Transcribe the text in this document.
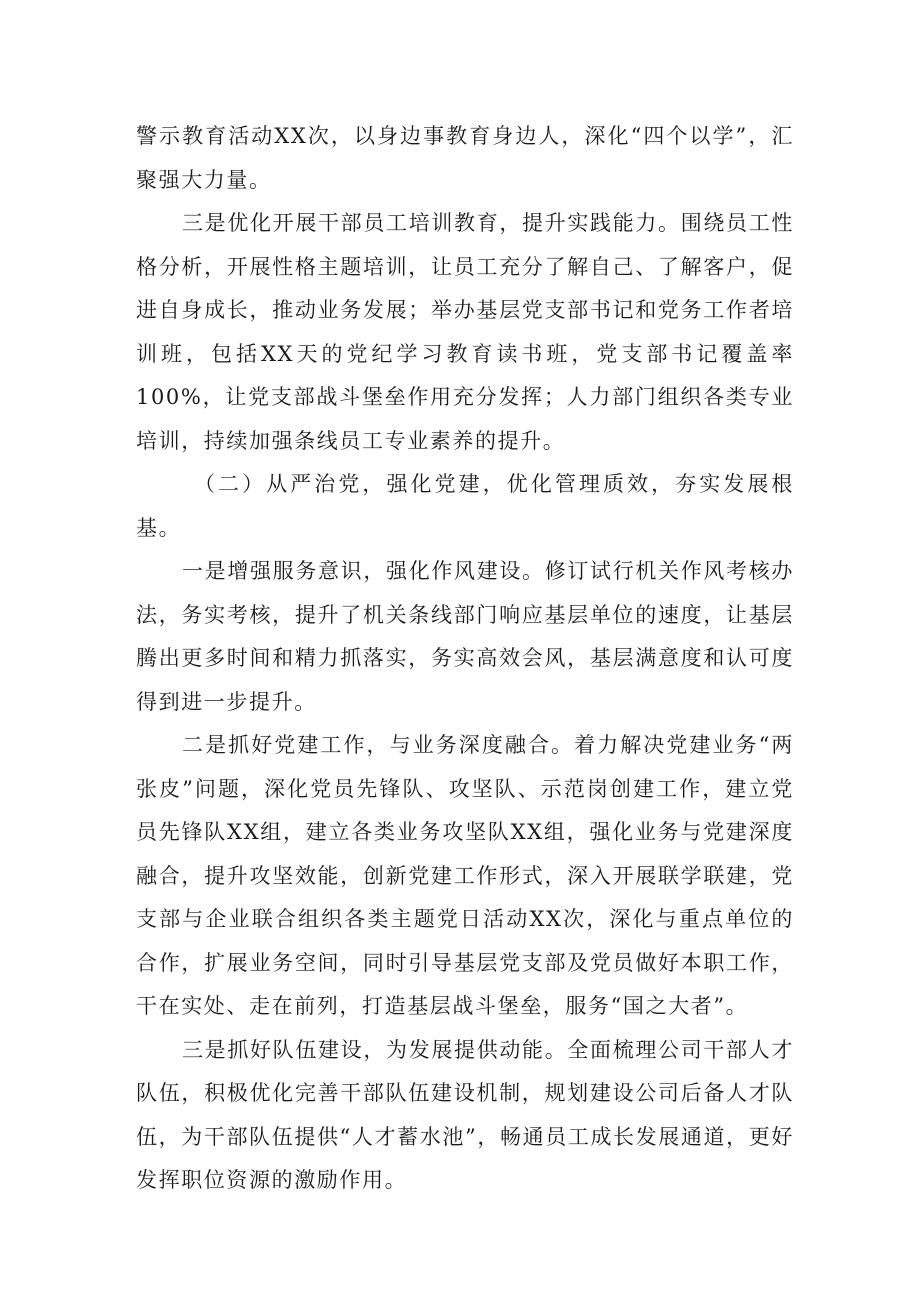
警示教育活动XX次，以身边事教育身边人，深化“四个以学”，汇聚强大力量。

三是优化开展干部员工培训教育，提升实践能力。围绕员工性格分析，开展性格主题培训，让员工充分了解自己、了解客户，促进自身成长，推动业务发展；举办基层党支部书记和党务工作者培训班，包括XX天的党纪学习教育读书班，党支部书记覆盖率100%，让党支部战斗堡垒作用充分发挥；人力部门组织各类专业培训，持续加强条线员工专业素养的提升。

（二）从严治党，强化党建，优化管理质效，夯实发展根基。

一是增强服务意识，强化作风建设。修订试行机关作风考核办法，务实考核，提升了机关条线部门响应基层单位的速度，让基层腾出更多时间和精力抓落实，务实高效会风，基层满意度和认可度得到进一步提升。

二是抓好党建工作，与业务深度融合。着力解决党建业务“两张皮”问题，深化党员先锋队、攻坚队、示范岗创建工作，建立党员先锋队XX组，建立各类业务攻坚队XX组，强化业务与党建深度融合，提升攻坚效能，创新党建工作形式，深入开展联学联建，党支部与企业联合组织各类主题党日活动XX次，深化与重点单位的合作，扩展业务空间，同时引导基层党支部及党员做好本职工作，干在实处、走在前列，打造基层战斗堡垒，服务“国之大者”。

三是抓好队伍建设，为发展提供动能。全面梳理公司干部人才队伍，积极优化完善干部队伍建设机制，规划建设公司后备人才队伍，为干部队伍提供“人才蓄水池”，畅通员工成长发展通道，更好发挥职位资源的激励作用。
